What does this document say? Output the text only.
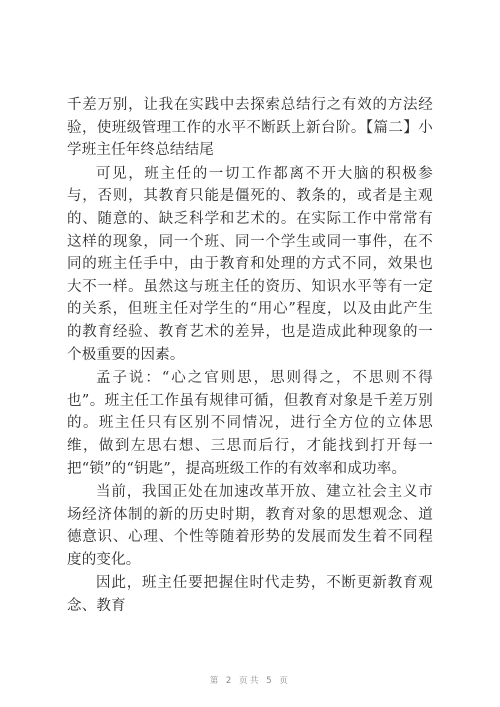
千差万别，让我在实践中去探索总结行之有效的方法经验，使班级管理工作的水平不断跃上新台阶。【篇二】小学班主任年终总结结尾

可见，班主任的一切工作都离不开大脑的积极参与，否则，其教育只能是僵死的、教条的，或者是主观的、随意的、缺乏科学和艺术的。在实际工作中常常有这样的现象，同一个班、同一个学生或同一事件，在不同的班主任手中，由于教育和处理的方式不同，效果也大不一样。虽然这与班主任的资历、知识水平等有一定的关系，但班主任对学生的“用心”程度，以及由此产生的教育经验、教育艺术的差异，也是造成此种现象的一个极重要的因素。

孟子说：“心之官则思，思则得之，不思则不得也”。班主任工作虽有规律可循，但教育对象是千差万别的。班主任只有区别不同情况，进行全方位的立体思维，做到左思右想、三思而后行，才能找到打开每一把“锁”的“钥匙”，提高班级工作的有效率和成功率。

当前，我国正处在加速改革开放、建立社会主义市场经济体制的新的历史时期，教育对象的思想观念、道德意识、心理、个性等随着形势的发展而发生着不同程度的变化。

因此，班主任要把握住时代走势，不断更新教育观念、教育

第 2 页共 5 页
